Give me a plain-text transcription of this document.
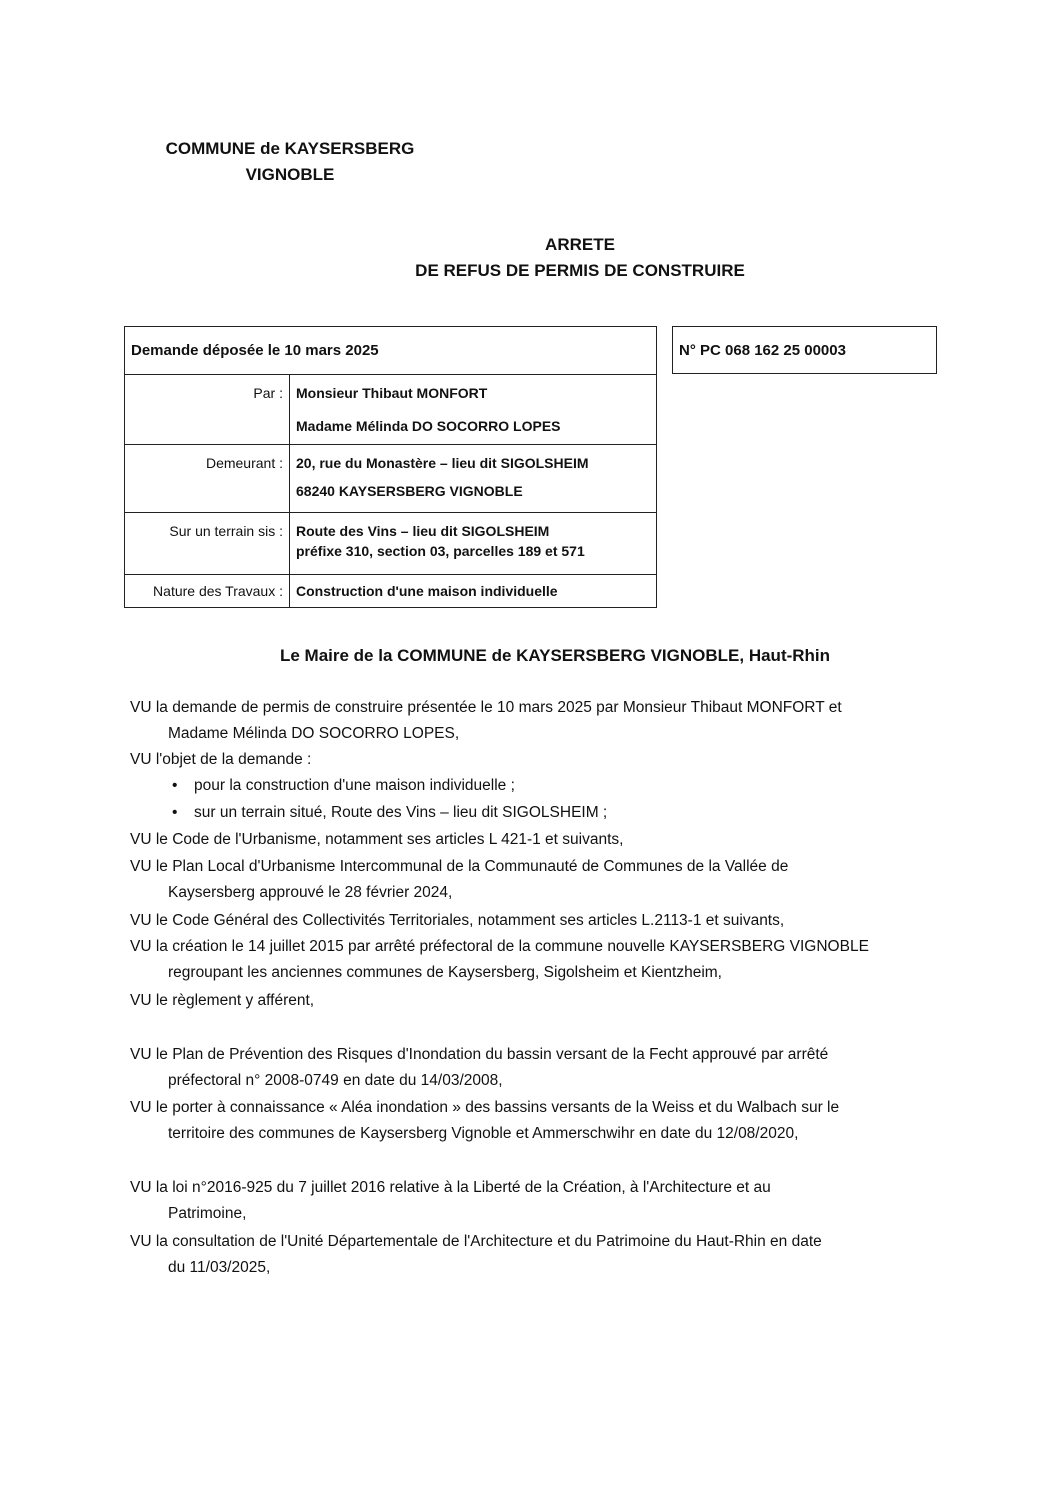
COMMUNE de KAYSERSBERG
VIGNOBLE
ARRETE
DE REFUS DE PERMIS DE CONSTRUIRE
Demande déposée le 10 mars 2025
Par : Monsieur Thibaut MONFORT
Madame Mélinda DO SOCORRO LOPES
Demeurant : 20, rue du Monastère – lieu dit SIGOLSHEIM
68240 KAYSERSBERG VIGNOBLE
Sur un terrain sis : Route des Vins – lieu dit SIGOLSHEIM
préfixe 310, section 03, parcelles 189 et 571
Nature des Travaux : Construction d'une maison individuelle
N° PC 068 162 25 00003
Le Maire de la COMMUNE de KAYSERSBERG VIGNOBLE, Haut-Rhin
VU la demande de permis de construire présentée le 10 mars 2025 par Monsieur Thibaut MONFORT et
Madame Mélinda DO SOCORRO LOPES,
VU l'objet de la demande :
• pour la construction d'une maison individuelle ;
• sur un terrain situé, Route des Vins – lieu dit SIGOLSHEIM ;
VU le Code de l'Urbanisme, notamment ses articles L 421-1 et suivants,
VU le Plan Local d'Urbanisme Intercommunal de la Communauté de Communes de la Vallée de
Kaysersberg approuvé le 28 février 2024,
VU le Code Général des Collectivités Territoriales, notamment ses articles L.2113-1 et suivants,
VU la création le 14 juillet 2015 par arrêté préfectoral de la commune nouvelle KAYSERSBERG VIGNOBLE
regroupant les anciennes communes de Kaysersberg, Sigolsheim et Kientzheim,
VU le règlement y afférent,
VU le Plan de Prévention des Risques d'Inondation du bassin versant de la Fecht approuvé par arrêté
préfectoral n° 2008-0749 en date du 14/03/2008,
VU le porter à connaissance « Aléa inondation » des bassins versants de la Weiss et du Walbach sur le
territoire des communes de Kaysersberg Vignoble et Ammerschwihr en date du 12/08/2020,
VU la loi n°2016-925 du 7 juillet 2016 relative à la Liberté de la Création, à l'Architecture et au
Patrimoine,
VU la consultation de l'Unité Départementale de l'Architecture et du Patrimoine du Haut-Rhin en date
du 11/03/2025,
